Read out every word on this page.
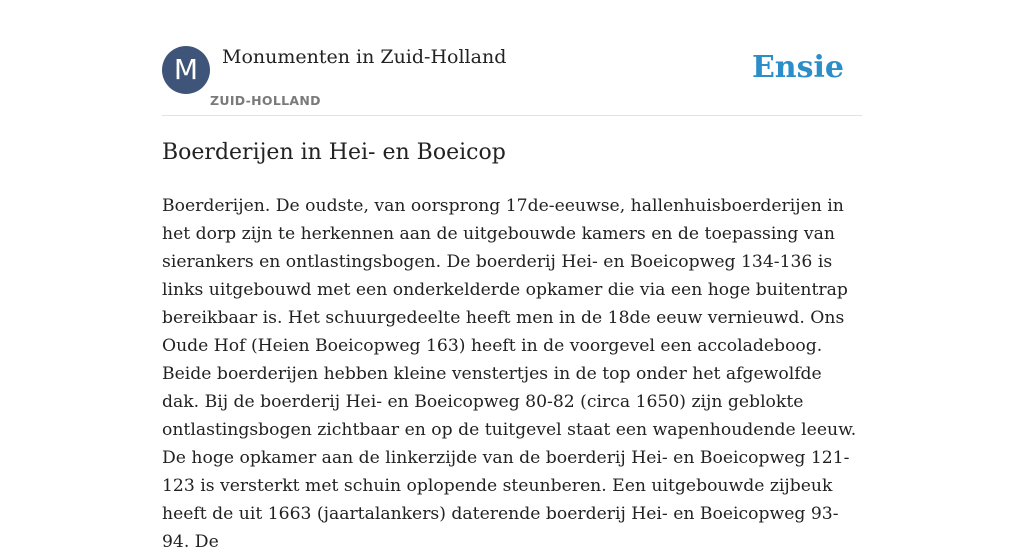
M	Monumenten in Zuid-Holland
ZUID-HOLLAND
Ensie
Boerderijen in Hei- en Boeicop

Boerderijen. De oudste, van oorsprong 17de-eeuwse, hallenhuisboerderijen in het dorp zijn te herkennen aan de uitgebouwde kamers en de toepassing van sierankers en ontlastingsbogen. De boerderij Hei- en Boeicopweg 134-136 is links uitgebouwd met een onderkelderde opkamer die via een hoge buitentrap bereikbaar is. Het schuurgedeelte heeft men in de 18de eeuw vernieuwd. Ons Oude Hof (Heien Boeicopweg 163) heeft in de voorgevel een accoladeboog. Beide boerderijen hebben kleine venstertjes in de top onder het afgewolfde dak. Bij de boerderij Hei- en Boeicopweg 80-82 (circa 1650) zijn geblokte ontlastingsbogen zichtbaar en op de tuitgevel staat een wapenhoudende leeuw. De hoge opkamer aan de linkerzijde van de boerderij Hei- en Boeicopweg 121-123 is versterkt met schuin oplopende steunberen. Een uitgebouwde zijbeuk heeft de uit 1663 (jaartalankers) daterende boerderij Hei- en Boeicopweg 93-94. De
